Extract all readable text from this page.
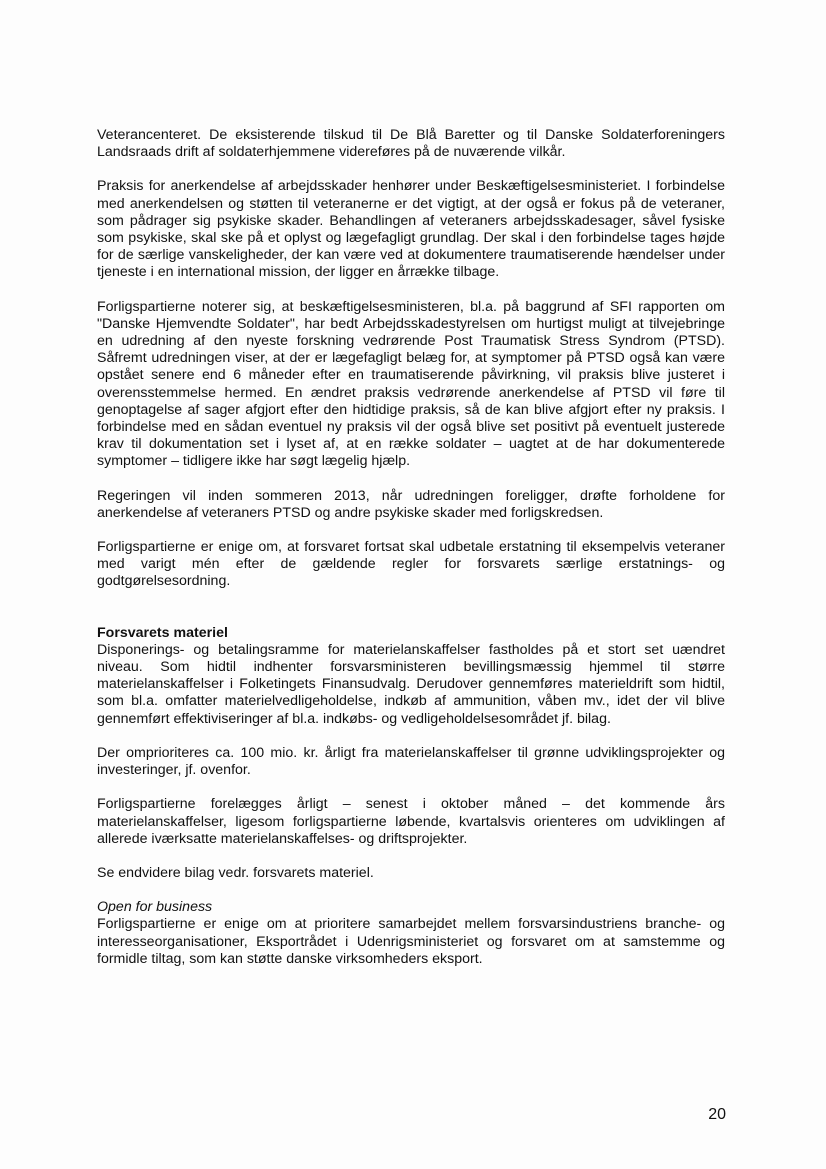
Veterancenteret. De eksisterende tilskud til De Blå Baretter og til Danske Soldaterforeningers Landsraads drift af soldaterhjemmene videreføres på de nuværende vilkår.

Praksis for anerkendelse af arbejdsskader henhører under Beskæftigelsesministeriet. I forbindelse med anerkendelsen og støtten til veteranerne er det vigtigt, at der også er fokus på de veteraner, som pådrager sig psykiske skader. Behandlingen af veteraners arbejdsskadesager, såvel fysiske som psykiske, skal ske på et oplyst og lægefagligt grundlag. Der skal i den forbindelse tages højde for de særlige vanskeligheder, der kan være ved at dokumentere traumatiserende hændelser under tjeneste i en international mission, der ligger en årrække tilbage.

Forligspartierne noterer sig, at beskæftigelsesministeren, bl.a. på baggrund af SFI rapporten om "Danske Hjemvendte Soldater", har bedt Arbejdsskadestyrelsen om hurtigst muligt at tilvejebringe en udredning af den nyeste forskning vedrørende Post Traumatisk Stress Syndrom (PTSD). Såfremt udredningen viser, at der er lægefagligt belæg for, at symptomer på PTSD også kan være opstået senere end 6 måneder efter en traumatiserende påvirkning, vil praksis blive justeret i overensstemmelse hermed. En ændret praksis vedrørende anerkendelse af PTSD vil føre til genoptagelse af sager afgjort efter den hidtidige praksis, så de kan blive afgjort efter ny praksis. I forbindelse med en sådan eventuel ny praksis vil der også blive set positivt på eventuelt justerede krav til dokumentation set i lyset af, at en række soldater – uagtet at de har dokumenterede symptomer – tidligere ikke har søgt lægelig hjælp.

Regeringen vil inden sommeren 2013, når udredningen foreligger, drøfte forholdene for anerkendelse af veteraners PTSD og andre psykiske skader med forligskredsen.

Forligspartierne er enige om, at forsvaret fortsat skal udbetale erstatning til eksempelvis veteraner med varigt mén efter de gældende regler for forsvarets særlige erstatnings- og godtgørelsesordning.

Forsvarets materiel

Disponerings- og betalingsramme for materielanskaffelser fastholdes på et stort set uændret niveau. Som hidtil indhenter forsvarsministeren bevillingsmæssig hjemmel til større materielanskaffelser i Folketingets Finansudvalg. Derudover gennemføres materieldrift som hidtil, som bl.a. omfatter materielvedligeholdelse, indkøb af ammunition, våben mv., idet der vil blive gennemført effektiviseringer af bl.a. indkøbs- og vedligeholdelsesområdet jf. bilag.

Der omprioriteres ca. 100 mio. kr. årligt fra materielanskaffelser til grønne udviklingsprojekter og investeringer, jf. ovenfor.

Forligspartierne forelægges årligt – senest i oktober måned – det kommende års materielanskaffelser, ligesom forligspartierne løbende, kvartalsvis orienteres om udviklingen af allerede iværksatte materielanskaffelses- og driftsprojekter.

Se endvidere bilag vedr. forsvarets materiel.

Open for business

Forligspartierne er enige om at prioritere samarbejdet mellem forsvarsindustriens branche- og interesseorganisationer, Eksportrådet i Udenrigsministeriet og forsvaret om at samstemme og formidle tiltag, som kan støtte danske virksomheders eksport.

20
